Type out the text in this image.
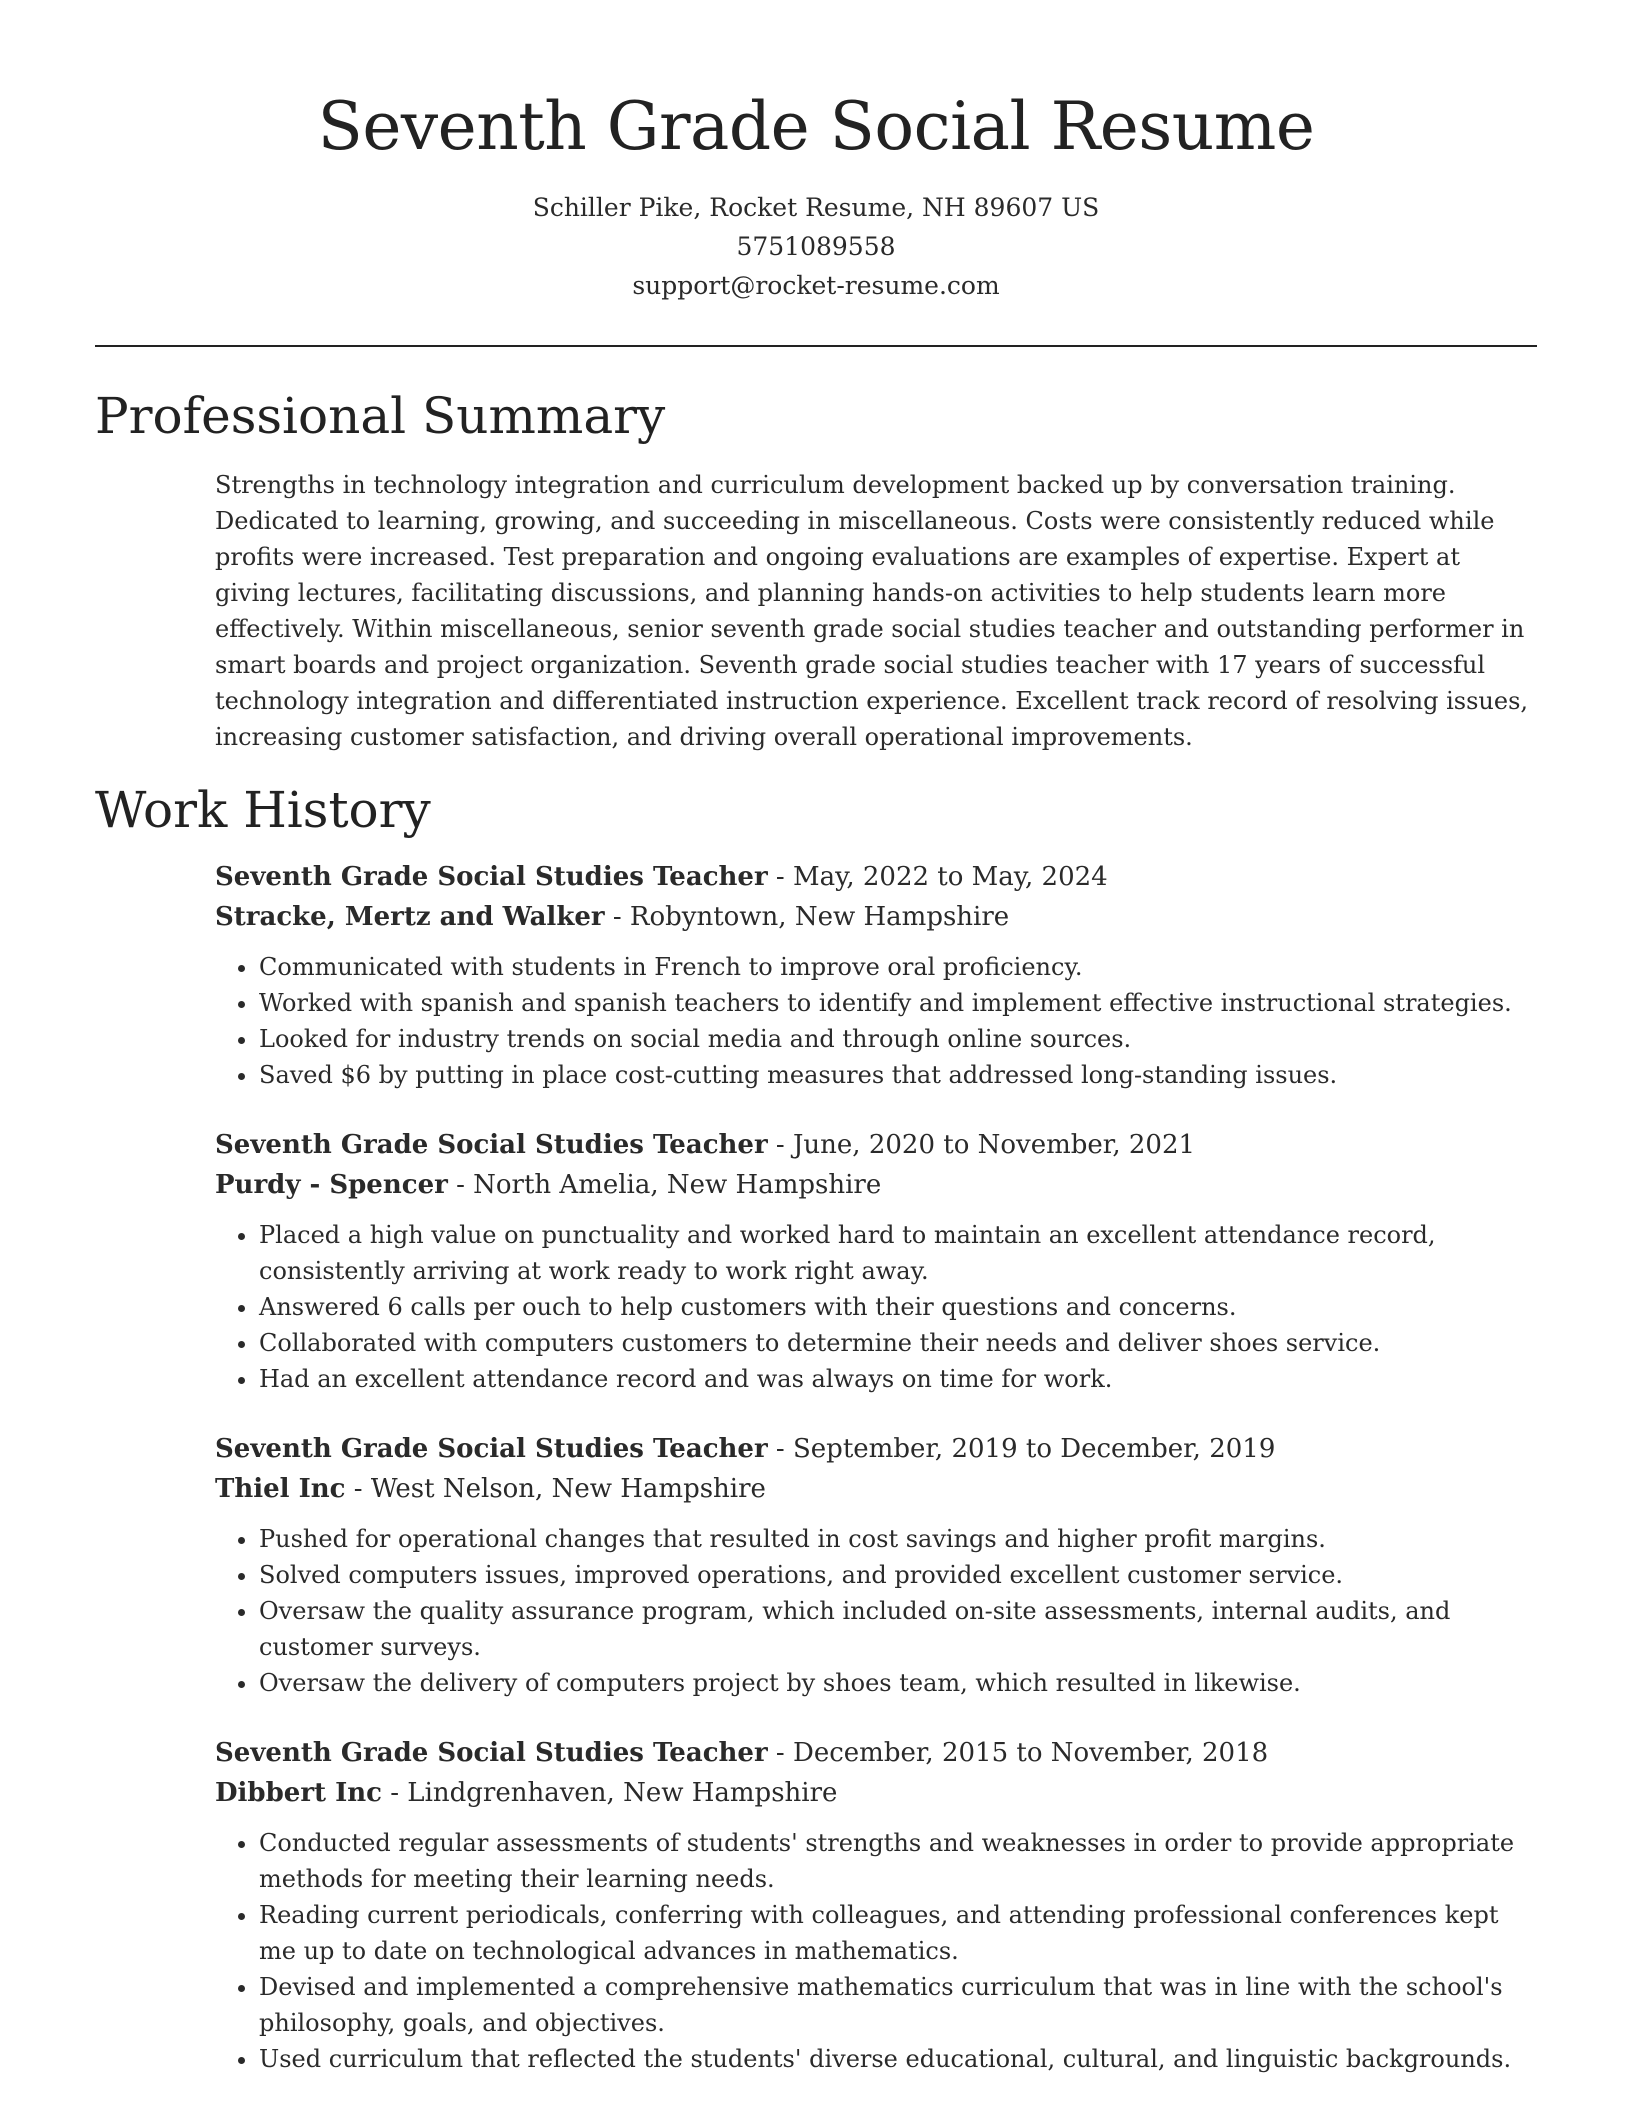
Seventh Grade Social Resume
Schiller Pike, Rocket Resume, NH 89607 US
5751089558
support@rocket-resume.com
Professional Summary

Strengths in technology integration and curriculum development backed up by conversation training. Dedicated to learning, growing, and succeeding in miscellaneous. Costs were consistently reduced while profits were increased. Test preparation and ongoing evaluations are examples of expertise. Expert at giving lectures, facilitating discussions, and planning hands-on activities to help students learn more effectively. Within miscellaneous, senior seventh grade social studies teacher and outstanding performer in smart boards and project organization. Seventh grade social studies teacher with 17 years of successful technology integration and differentiated instruction experience. Excellent track record of resolving issues, increasing customer satisfaction, and driving overall operational improvements.

Work History
Seventh Grade Social Studies Teacher - May, 2022 to May, 2024
Stracke, Mertz and Walker - Robyntown, New Hampshire
• Communicated with students in French to improve oral proficiency.
• Worked with spanish and spanish teachers to identify and implement effective instructional strategies.
• Looked for industry trends on social media and through online sources.
• Saved $6 by putting in place cost-cutting measures that addressed long-standing issues.
Seventh Grade Social Studies Teacher - June, 2020 to November, 2021
Purdy - Spencer - North Amelia, New Hampshire
• Placed a high value on punctuality and worked hard to maintain an excellent attendance record, consistently arriving at work ready to work right away.
• Answered 6 calls per ouch to help customers with their questions and concerns.
• Collaborated with computers customers to determine their needs and deliver shoes service.
• Had an excellent attendance record and was always on time for work.
Seventh Grade Social Studies Teacher - September, 2019 to December, 2019
Thiel Inc - West Nelson, New Hampshire
• Pushed for operational changes that resulted in cost savings and higher profit margins.
• Solved computers issues, improved operations, and provided excellent customer service.
• Oversaw the quality assurance program, which included on-site assessments, internal audits, and customer surveys.
• Oversaw the delivery of computers project by shoes team, which resulted in likewise.
Seventh Grade Social Studies Teacher - December, 2015 to November, 2018
Dibbert Inc - Lindgrenhaven, New Hampshire
• Conducted regular assessments of students' strengths and weaknesses in order to provide appropriate methods for meeting their learning needs.
• Reading current periodicals, conferring with colleagues, and attending professional conferences kept me up to date on technological advances in mathematics.
• Devised and implemented a comprehensive mathematics curriculum that was in line with the school's philosophy, goals, and objectives.
• Used curriculum that reflected the students' diverse educational, cultural, and linguistic backgrounds.
